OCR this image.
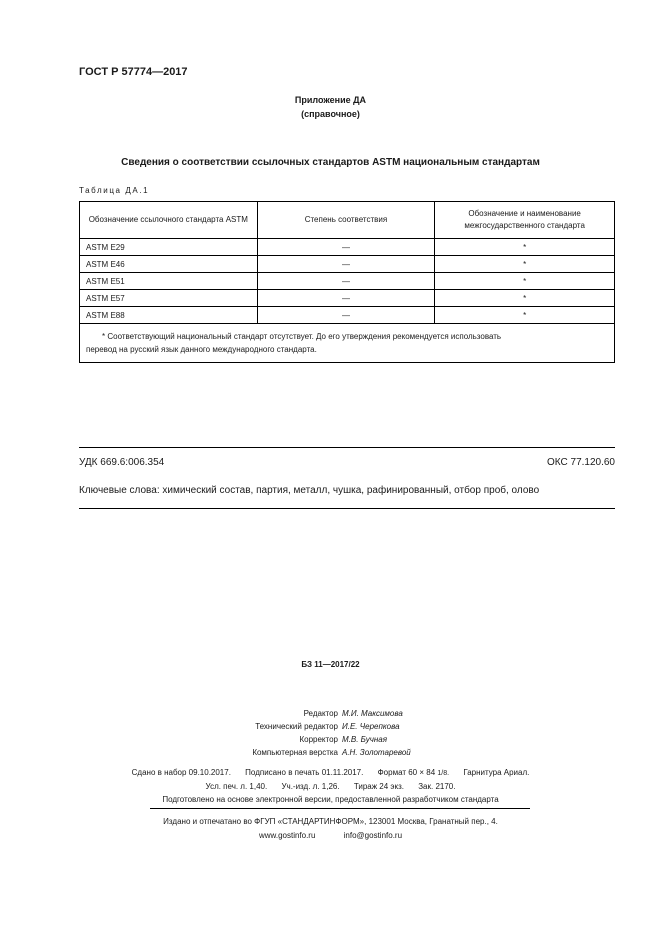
ГОСТ Р 57774—2017
Приложение ДА
(справочное)
Сведения о соответствии ссылочных стандартов ASTM национальным стандартам
Таблица ДА.1
Обозначение ссылочного стандарта ASTM	Степень соответствия	Обозначение и наименование межгосударственного стандарта
ASTM E29	—	*
ASTM E46	—	*
ASTM E51	—	*
ASTM E57	—	*
ASTM E88	—	*

* Соответствующий национальный стандарт отсутствует. До его утверждения рекомендуется использовать
перевод на русский язык данного международного стандарта.		
УДК 669.6:006.354	ОКС 77.120.60
Ключевые слова: химический состав, партия, металл, чушка, рафинированный, отбор проб, олово
БЗ 11—2017/22
Редактор М.И. Максимова
Технический редактор И.Е. Черепкова
Корректор М.В. Бучная
Компьютерная верстка А.Н. Золотаревой
Сдано в набор 09.10.2017. Подписано в печать 01.11.2017. Формат 60 × 84 1/8. Гарнитура Ариал.
Усл. печ. л. 1,40. Уч.-изд. л. 1,26. Тираж 24 экз. Зак. 2170.
Подготовлено на основе электронной версии, предоставленной разработчиком стандарта
Издано и отпечатано во ФГУП «СТАНДАРТИНФОРМ», 123001 Москва, Гранатный пер., 4.
www.gostinfo.ru	info@gostinfo.ru
